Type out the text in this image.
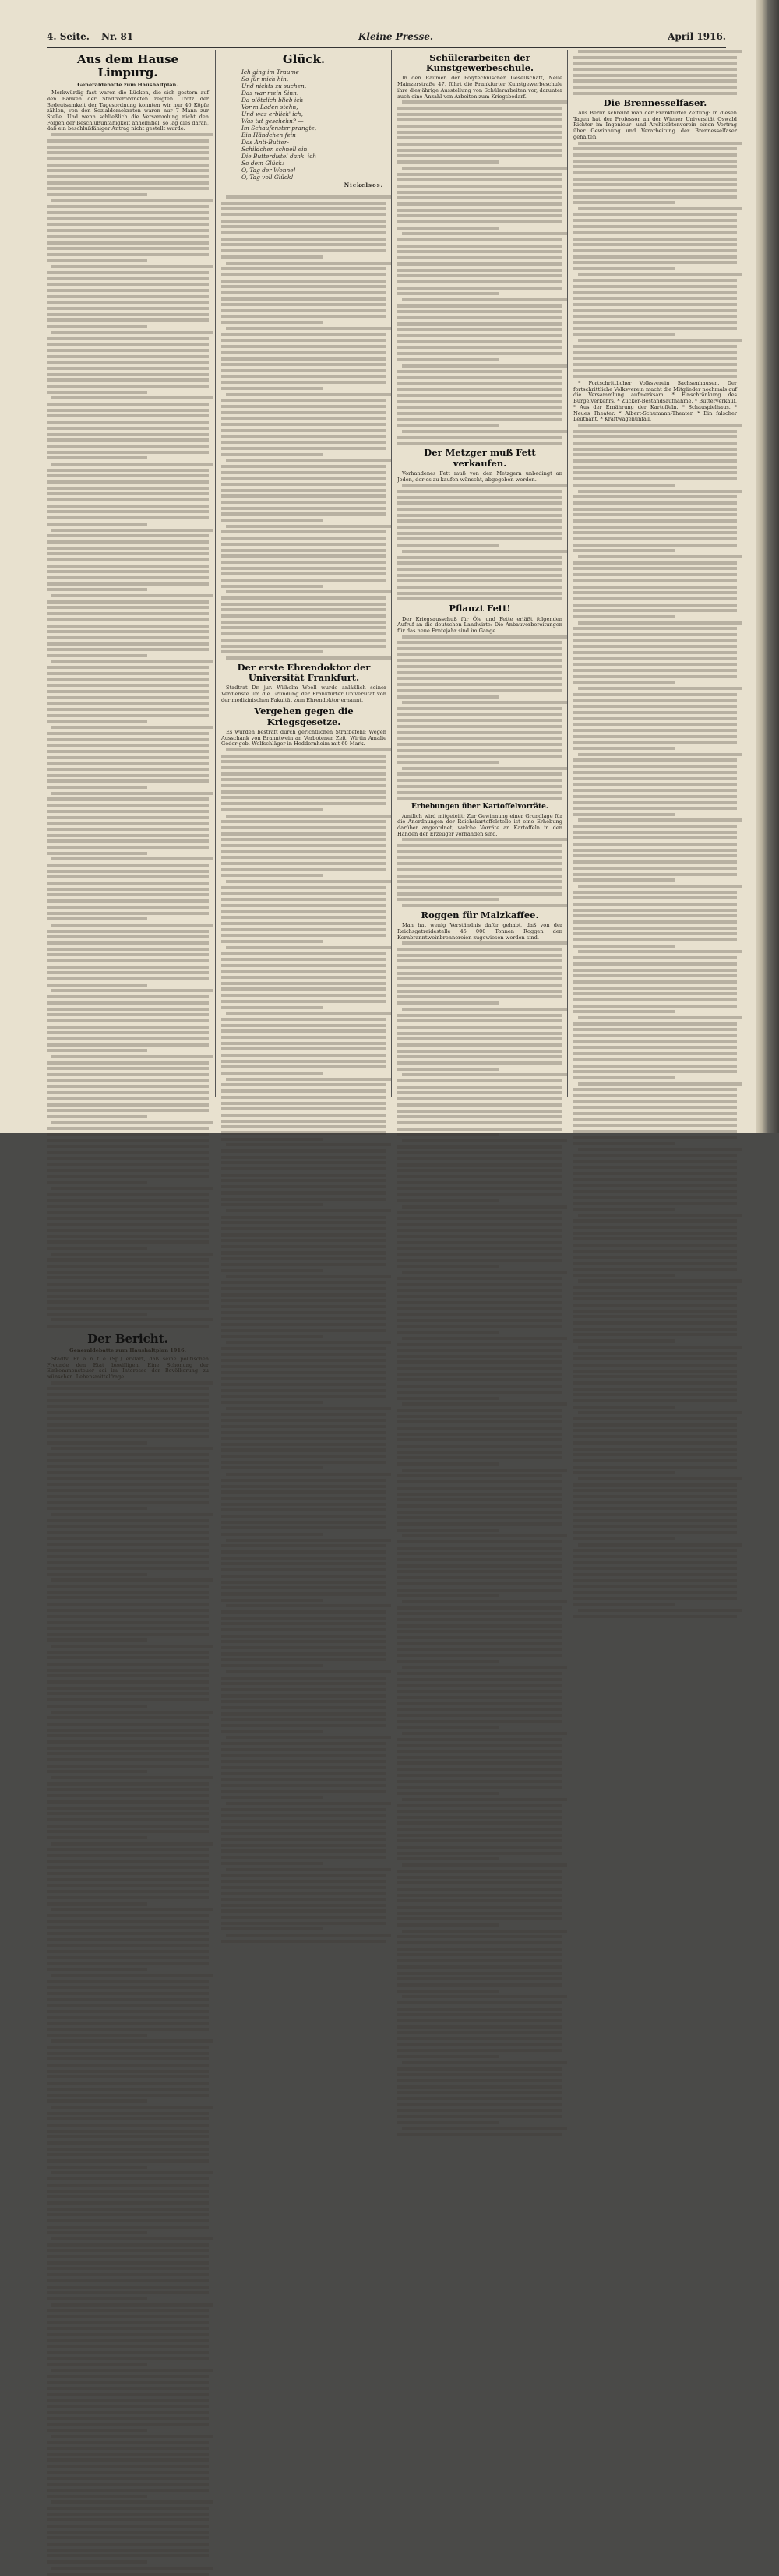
4. Seite. Nr. 81	Kleine Presse.	April 1916.
Aus dem Hause Limpurg.
Generaldebatte zum Haushaltplan.

Merkwürdig fast waren die Lücken, die sich gestern auf den Bänken der Stadtverordneten zeigten. Trotz der Bedeutsamkeit der Tagesordnung konnten wir nur 40 Köpfe zählen, von den Sozialdemokraten waren nur 7 Mann zur Stelle. Und wenn schließlich die Versammlung nicht den Folgen der Beschlußunfähigkeit anheimfiel, so lag dies daran, daß ein beschlußfähiger Antrag nicht gestellt wurde.

Der Bericht.
Generaldebatte zum Haushaltplan 1916.

Stadtv. Fr a n t e (Sp.) erklärt, daß seine politischen Freunde den Etat bewilligen. Eine Schonung der Einkommensteuer sei im Interesse der Bevölkerung zu wünschen. Lebensmittelfrage.

Glück.
Ich ging im Traume
So für mich hin,
Und nichts zu suchen,
Das war mein Sinn.
Da plötzlich blieb ich
Vor'm Laden stehn,
Und was erblick' ich,
Was tat geschehn? —
Im Schaufenster prangte,
Ein Händchen fein
Das Anti-Butter-
Schildchen schnell ein.
Die Butterdistel dank' ich
So dem Glück:
O, Tag der Wonne!
O, Tag voll Glück!
Nickelsos.
Der erste Ehrendoktor der Universität Frankfurt.

Stadtrat Dr. jur. Wilhelm Woell wurde anläßlich seiner Verdienste um die Gründung der Frankfurter Universität von der medizinischen Fakultät zum Ehrendoktor ernannt.

Vergehen gegen die Kriegsgesetze.

Es wurden bestraft durch gerichtlichen Strafbefehl: Wegen Ausschank von Branntwein an Verbotenen Zeit: Wirtin Amalie Geder geb. Wolfschläger in Heddernheim mit 60 Mark.

Schülerarbeiten der Kunstgewerbeschule.

In den Räumen der Polytechnischen Gesellschaft, Neue Mainzerstraße 47, führt die Frankfurter Kunstgewerbeschule ihre diesjährige Ausstellung von Schülerarbeiten vor, darunter auch eine Anzahl von Arbeiten zum Kriegsbedarf.

Der Metzger muß Fett verkaufen.

Vorhandenes Fett muß von den Metzgern unbedingt an Jeden, der es zu kaufen wünscht, abgegeben werden.

Pflanzt Fett!

Der Kriegsausschuß für Öle und Fette erläßt folgenden Aufruf an die deutschen Landwirte: Die Anbauvorbereitungen für das neue Erntejahr sind im Gange.

Erhebungen über Kartoffelvorräte.

Amtlich wird mitgeteilt: Zur Gewinnung einer Grundlage für die Anordnungen der Reichskartoffelstelle ist eine Erhebung darüber angeordnet, welche Vorräte an Kartoffeln in den Händen der Erzeuger vorhanden sind.

Roggen für Malzkaffee.

Man hat wenig Verständnis dafür gehabt, daß von der Reichsgetreidestelle 45 000 Tonnen Roggen den Kornbranntweinbrennereien zugewiesen worden sind.

Die Brennesselfaser.

Aus Berlin schreibt man der Frankfurter Zeitung: In diesen Tagen hat der Professor an der Wiener Universität Oswald Richter im Ingenieur- und Architektenverein einen Vortrag über Gewinnung und Verarbeitung der Brennesselfaser gehalten.

* Fortschrittlicher Volksverein Sachsenhausen. Der fortschrittliche Volksverein macht die Mitglieder nochmals auf die Versammlung aufmerksam. * Einschränkung des Burgelverkehrs. * Zucker-Bestandsaufnahme. * Butterverkauf. * Aus der Ernährung der Kartoffeln. * Schauspielhaus. * Neues Theater. * Albert-Schumann-Theater. * Ein falscher Leutnant. * Kraftwagenunfall.
